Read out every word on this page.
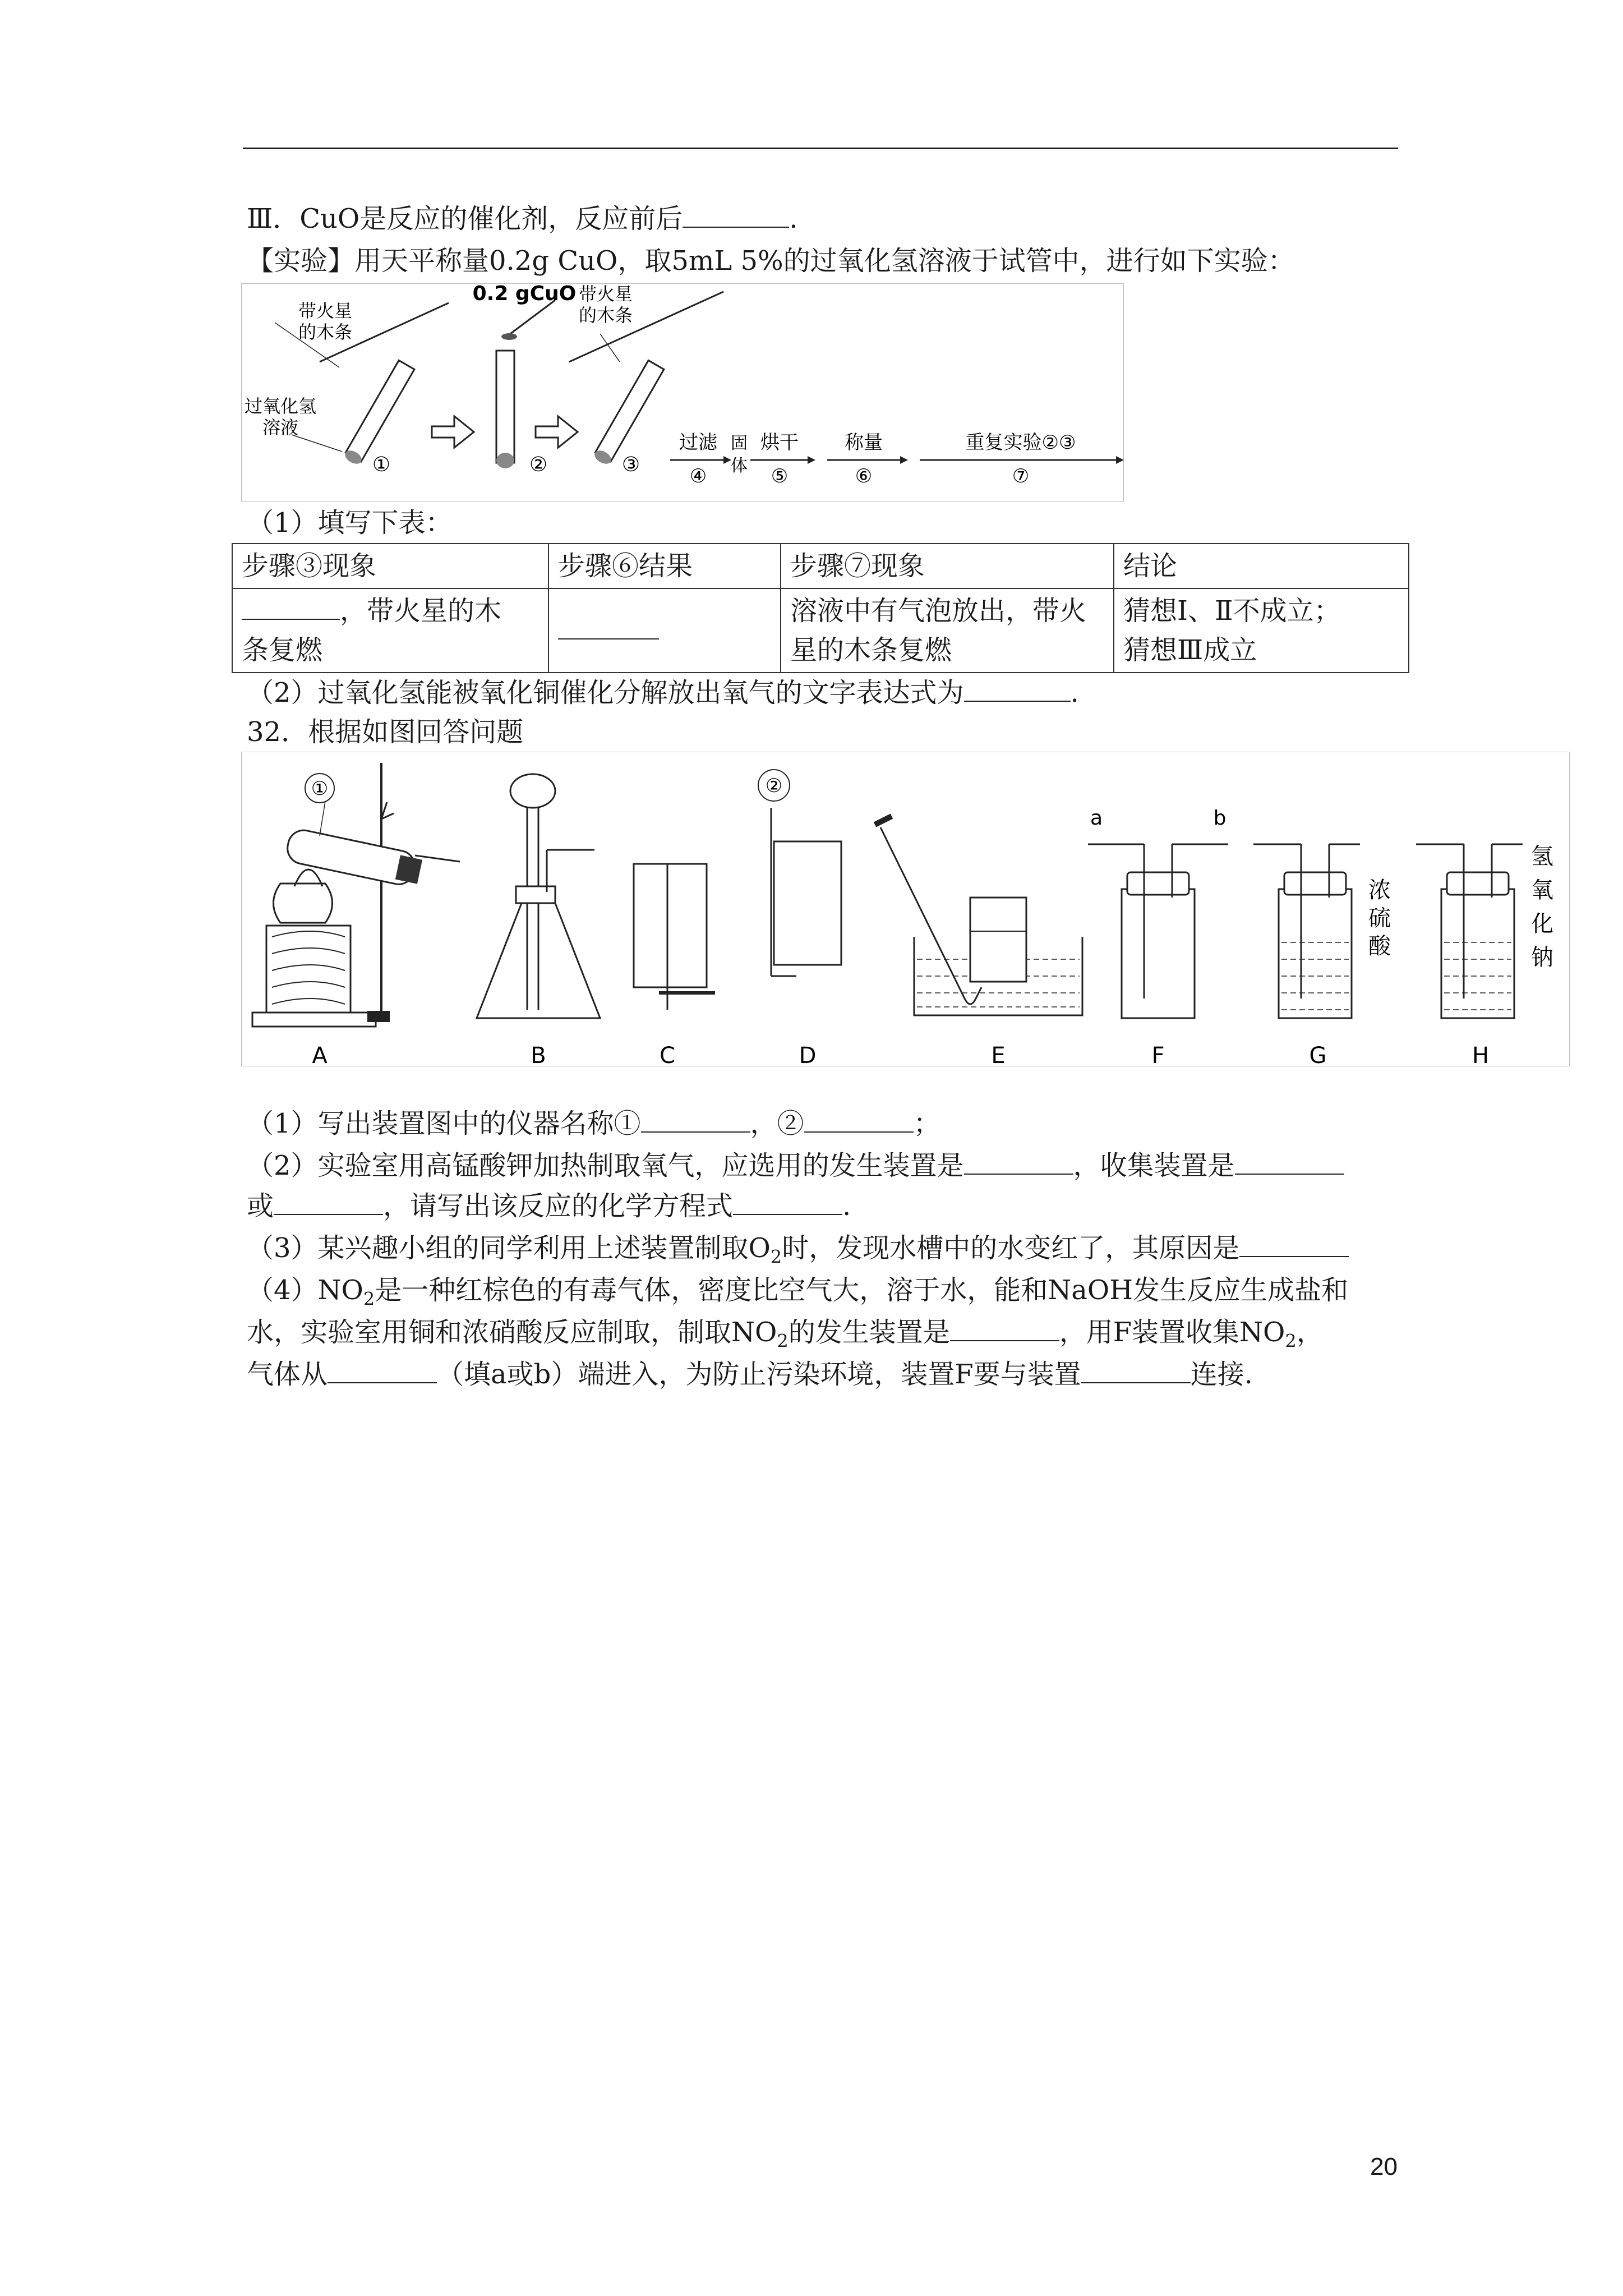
Ⅲ．CuO是反应的催化剂，反应前后	.
【实验】用天平称量0.2g CuO，取5mL 5%的过氧化氢溶液于试管中，进行如下实验：
带火星
的木条
过氧化氢
溶液
①
0.2 gCuO
②
带火星
的木条
③
过滤
④
固
体
烘干
⑤
称量
⑥
重复实验②③
⑦
（1）填写下表：
步骤③现象	步骤⑥结果	步骤⑦现象	结论
，带火星的木
条复燃		溶液中有气泡放出，带火
星的木条复燃	猜想Ⅰ、Ⅱ不成立；
猜想Ⅲ成立
（2）过氧化氢能被氧化铜催化分解放出氧气的文字表达式为	.
32．根据如图回答问题
①
A	B	C
②
D	E
a	b
F
浓
硫
酸
G
氢
氧
化
钠
H
（1）写出装置图中的仪器名称①	，②	；
（2）实验室用高锰酸钾加热制取氧气，应选用的发生装置是	，收集装置是
或	，请写出该反应的化学方程式	.
（3）某兴趣小组的同学利用上述装置制取$O_2$时，发现水槽中的水变红了，其原因是
$(4)NO_2$是一种红棕色的有毒气体，密度比空气大，溶于水，能和NaOH发生反应生成盐和
水，实验室用铜和浓硝酸反应制取，制取$NO_2$的发生装置是	，用F装置收集$NO_2$，
气体从	（填a或b）端进入，为防止污染环境，装置F要与装置	连接.
20
